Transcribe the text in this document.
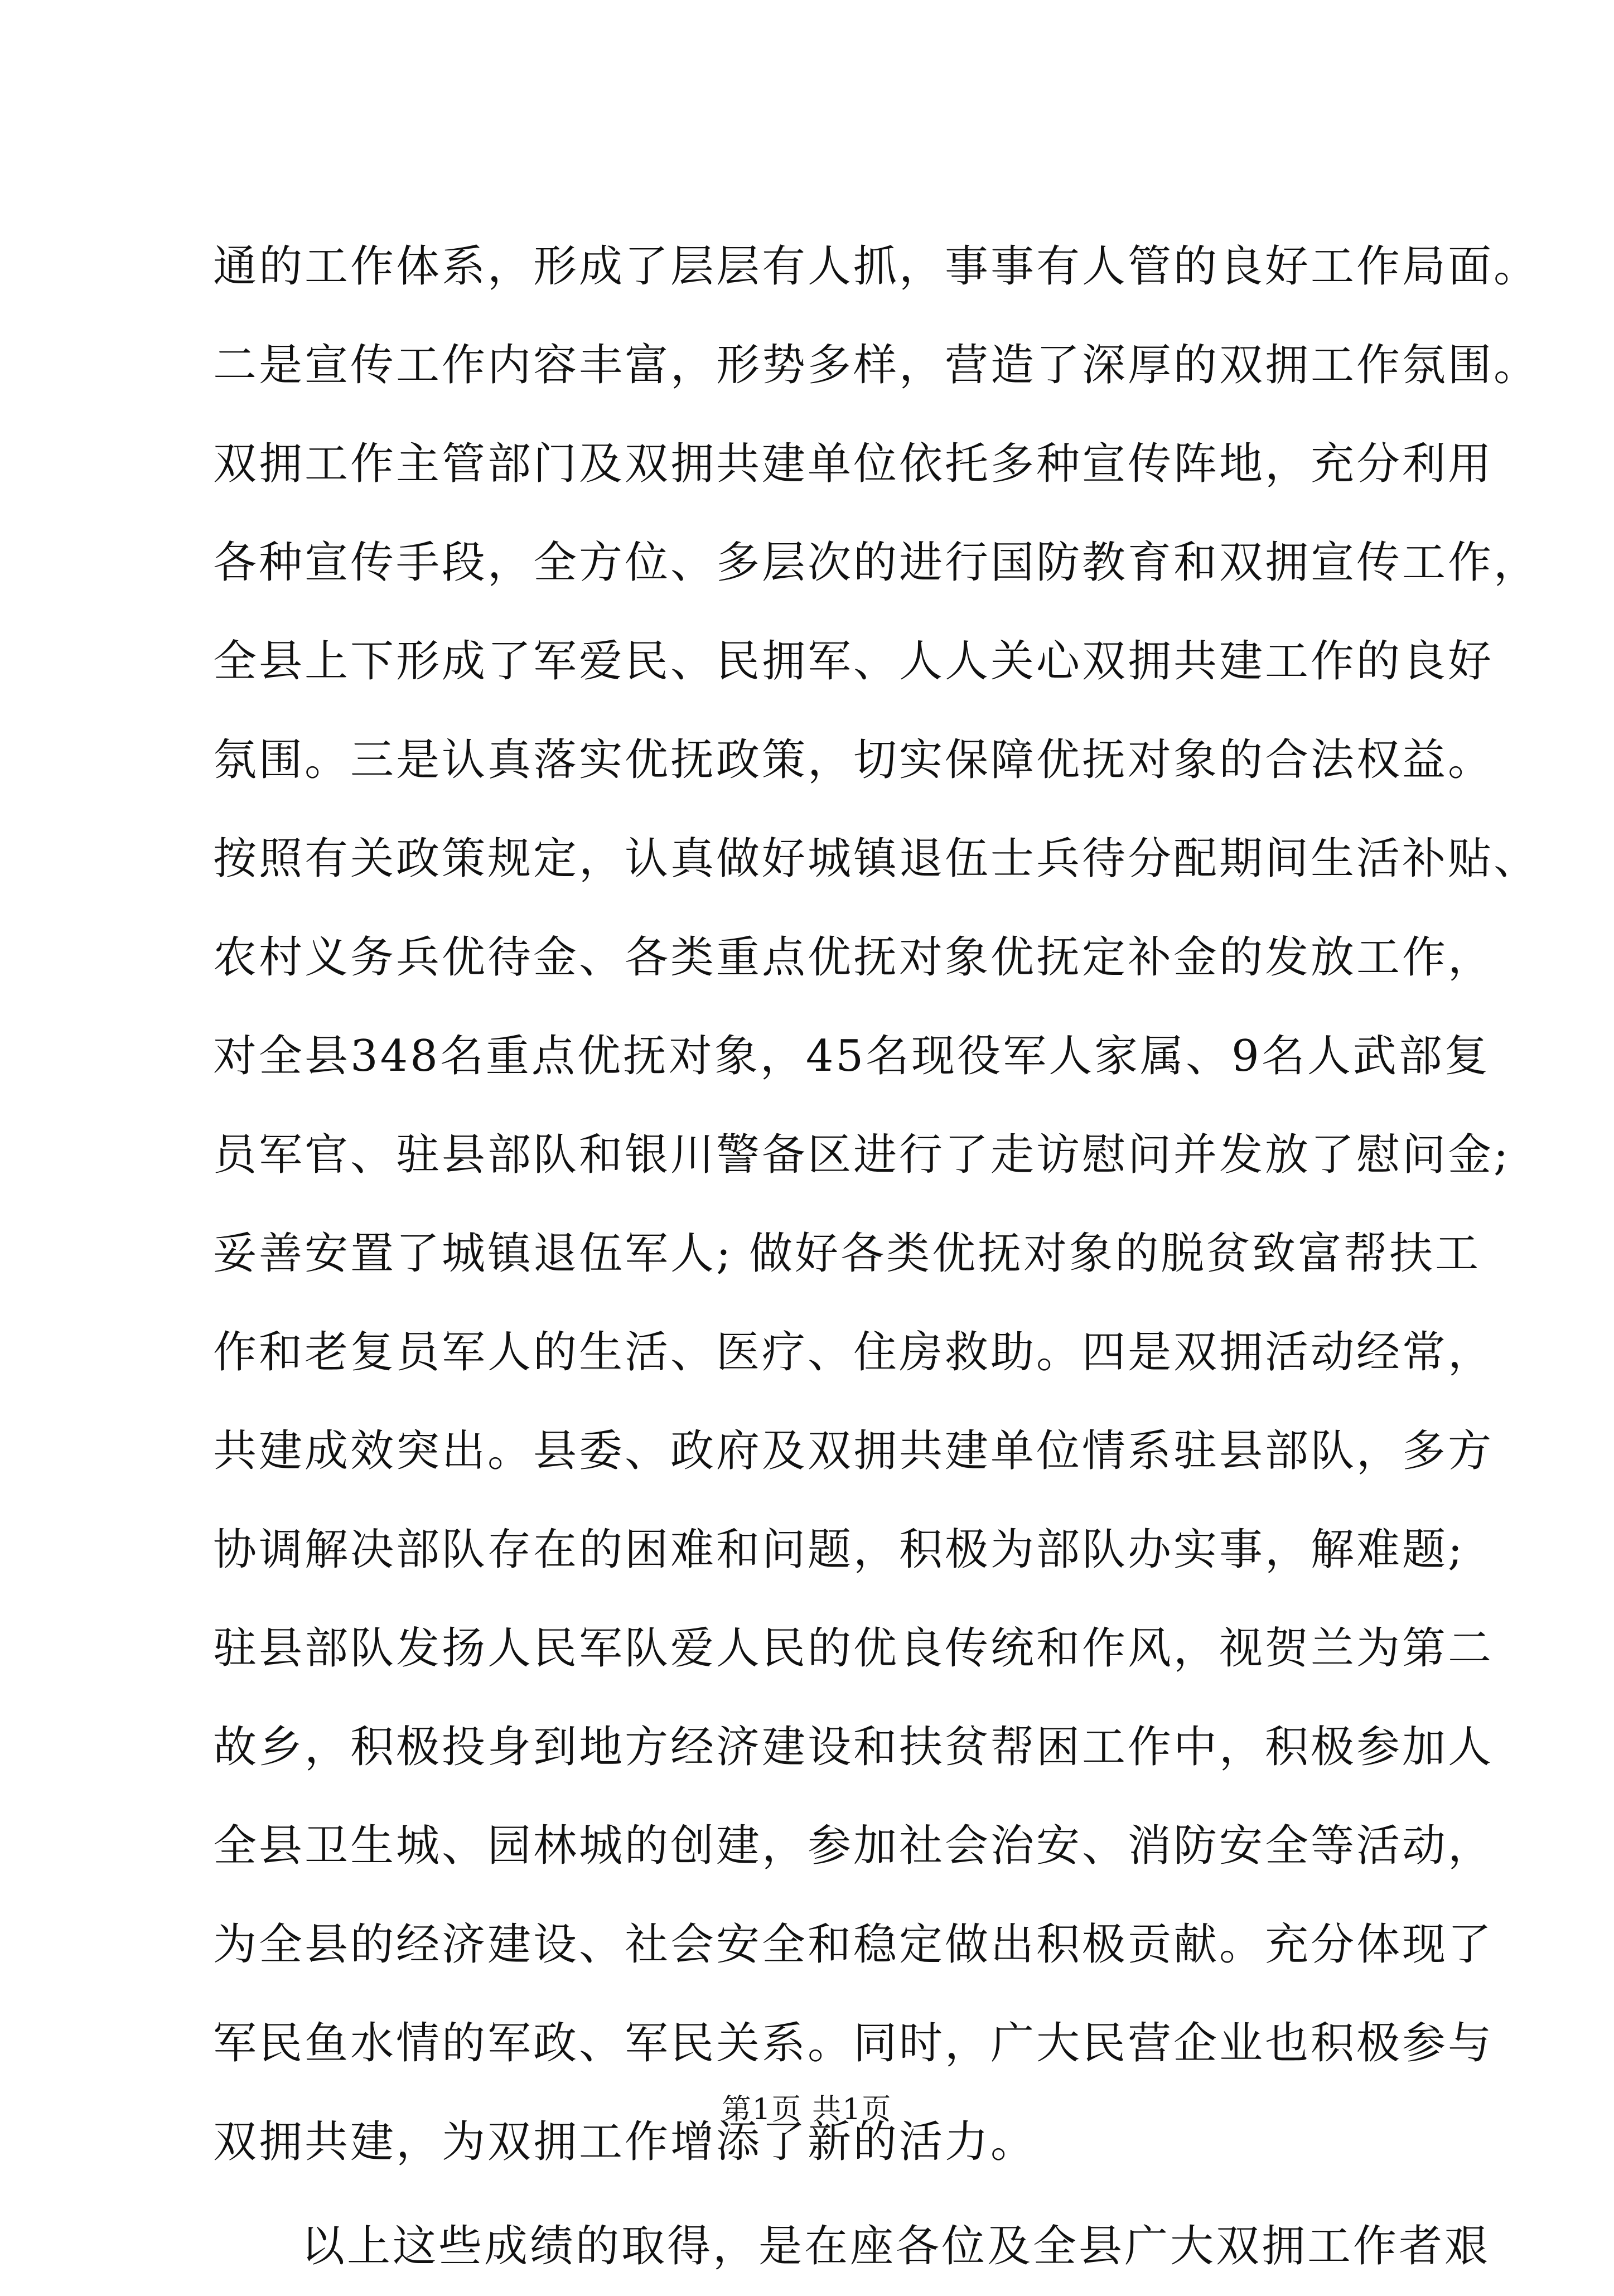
通的工作体系，形成了层层有人抓，事事有人管的良好工作局面。
二是宣传工作内容丰富，形势多样，营造了深厚的双拥工作氛围。
双拥工作主管部门及双拥共建单位依托多种宣传阵地，充分利用
各种宣传手段，全方位、多层次的进行国防教育和双拥宣传工作，
全县上下形成了军爱民、民拥军、人人关心双拥共建工作的良好
氛围。三是认真落实优抚政策，切实保障优抚对象的合法权益。
按照有关政策规定，认真做好城镇退伍士兵待分配期间生活补贴、
农村义务兵优待金、各类重点优抚对象优抚定补金的发放工作，
对全县348名重点优抚对象，45名现役军人家属、9名人武部复
员军官、驻县部队和银川警备区进行了走访慰问并发放了慰问金;
妥善安置了城镇退伍军人; 做好各类优抚对象的脱贫致富帮扶工
作和老复员军人的生活、医疗、住房救助。四是双拥活动经常，
共建成效突出。县委、政府及双拥共建单位情系驻县部队，多方
协调解决部队存在的困难和问题，积极为部队办实事，解难题;
驻县部队发扬人民军队爱人民的优良传统和作风，视贺兰为第二
故乡，积极投身到地方经济建设和扶贫帮困工作中，积极参加人
全县卫生城、园林城的创建，参加社会治安、消防安全等活动，
为全县的经济建设、社会安全和稳定做出积极贡献。充分体现了
军民鱼水情的军政、军民关系。同时，广大民营企业也积极参与
双拥共建，为双拥工作增添了新的活力。
以上这些成绩的取得，是在座各位及全县广大双拥工作者艰
第1页 共1页
